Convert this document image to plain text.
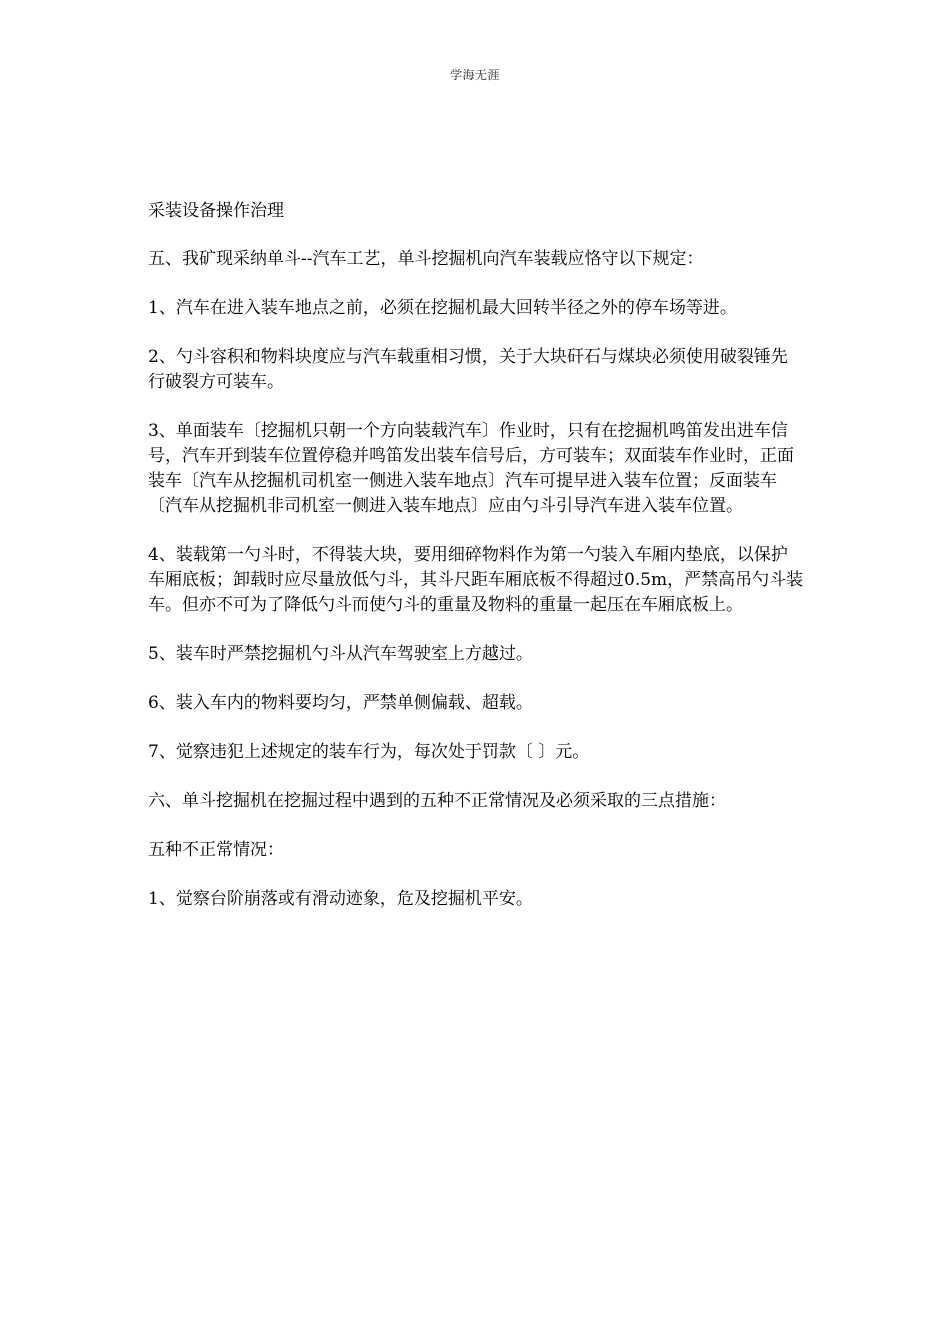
学海无涯

采装设备操作治理

五、我矿现采纳单斗--汽车工艺，单斗挖掘机向汽车装载应恪守以下规定：

1、汽车在进入装车地点之前，必须在挖掘机最大回转半径之外的停车场等进。

2、勺斗容积和物料块度应与汽车载重相习惯，关于大块矸石与煤块必须使用破裂锤先行破裂方可装车。

3、单面装车〔挖掘机只朝一个方向装载汽车〕作业时，只有在挖掘机鸣笛发出进车信号，汽车开到装车位置停稳并鸣笛发出装车信号后，方可装车；双面装车作业时，正面装车〔汽车从挖掘机司机室一侧进入装车地点〕汽车可提早进入装车位置；反面装车〔汽车从挖掘机非司机室一侧进入装车地点〕应由勺斗引导汽车进入装车位置。

4、装载第一勺斗时，不得装大块，要用细碎物料作为第一勺装入车厢内垫底，以保护车厢底板；卸载时应尽量放低勺斗，其斗尺距车厢底板不得超过0.5m，严禁高吊勺斗装车。但亦不可为了降低勺斗而使勺斗的重量及物料的重量一起压在车厢底板上。

5、装车时严禁挖掘机勺斗从汽车驾驶室上方越过。

6、装入车内的物料要均匀，严禁单侧偏载、超载。

7、觉察违犯上述规定的装车行为，每次处于罚款〔 〕元。

六、单斗挖掘机在挖掘过程中遇到的五种不正常情况及必须采取的三点措施：

五种不正常情况：

1、觉察台阶崩落或有滑动迹象，危及挖掘机平安。
